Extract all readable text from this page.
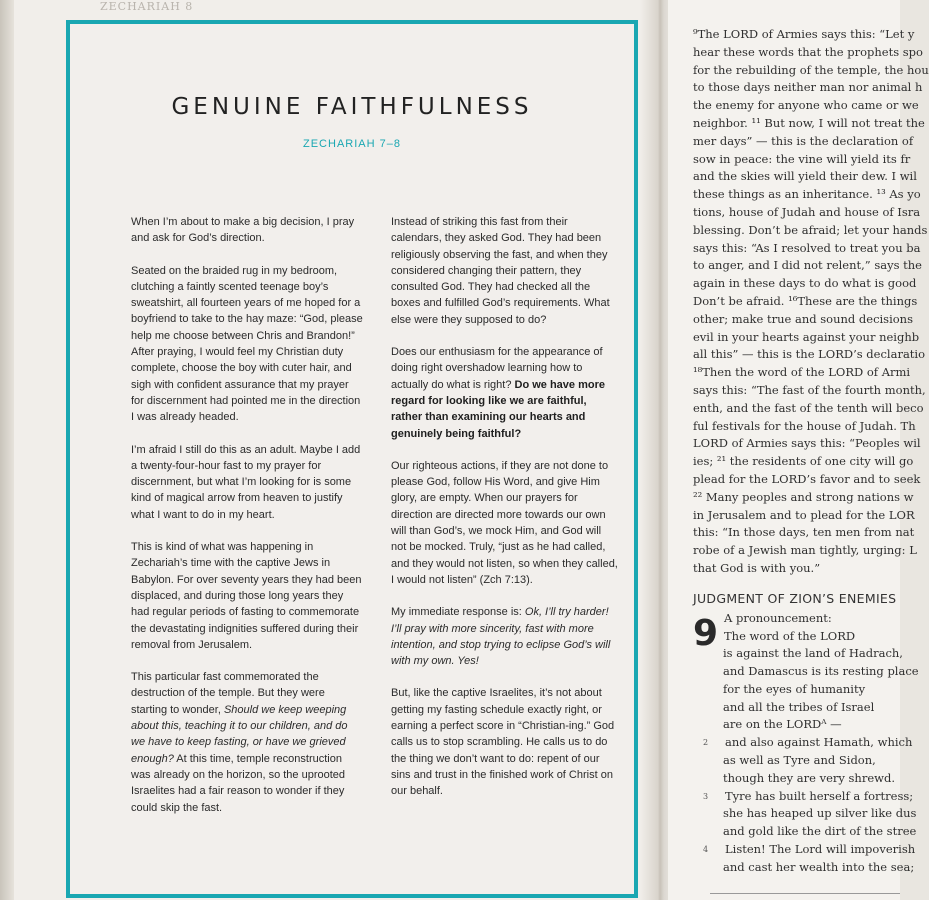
ZECHARIAH 8
GENUINE FAITHFULNESS
ZECHARIAH 7–8

When I’m about to make a big decision, I pray and ask for God’s direction.

Seated on the braided rug in my bedroom, clutching a faintly scented teenage boy’s sweatshirt, all fourteen years of me hoped for a boyfriend to take to the hay maze: “God, please help me choose between Chris and Brandon!” After praying, I would feel my Christian duty complete, choose the boy with cuter hair, and sigh with confident assurance that my prayer for discernment had pointed me in the direction I was already headed.

I’m afraid I still do this as an adult. Maybe I add a twenty-four-hour fast to my prayer for discernment, but what I’m looking for is some kind of magical arrow from heaven to justify what I want to do in my heart.

This is kind of what was happening in Zechariah’s time with the captive Jews in Babylon. For over seventy years they had been displaced, and during those long years they had regular periods of fasting to commemorate the devastating indignities suffered during their removal from Jerusalem.

This particular fast commemorated the destruction of the temple. But they were starting to wonder, Should we keep weeping about this, teaching it to our children, and do we have to keep fasting, or have we grieved enough? At this time, temple reconstruction was already on the horizon, so the uprooted Israelites had a fair reason to wonder if they could skip the fast.

Instead of striking this fast from their calendars, they asked God. They had been religiously observing the fast, and when they considered changing their pattern, they consulted God. They had checked all the boxes and fulfilled God’s requirements. What else were they supposed to do?

Does our enthusiasm for the appearance of doing right overshadow learning how to actually do what is right? Do we have more regard for looking like we are faithful, rather than examining our hearts and genuinely being faithful?

Our righteous actions, if they are not done to please God, follow His Word, and give Him glory, are empty. When our prayers for direction are directed more towards our own will than God’s, we mock Him, and God will not be mocked. Truly, “just as he had called, and they would not listen, so when they called, I would not listen” (Zch 7:13).

My immediate response is: Ok, I’ll try harder! I’ll pray with more sincerity, fast with more intention, and stop trying to eclipse God’s will with my own. Yes!

But, like the captive Israelites, it’s not about getting my fasting schedule exactly right, or earning a perfect score in “Christian-ing.” God calls us to stop scrambling. He calls us to do the thing we don’t want to do: repent of our sins and trust in the finished work of Christ on our behalf.

⁹The LORD of Armies says this: “Let y
hear these words that the prophets spo
for the rebuilding of the temple, the hou
to those days neither man nor animal h
the enemy for anyone who came or we
neighbor. ¹¹ But now, I will not treat the
mer days” — this is the declaration of
sow in peace: the vine will yield its fr
and the skies will yield their dew. I wil
these things as an inheritance. ¹³ As yo
tions, house of Judah and house of Isra
blessing. Don’t be afraid; let your hands
says this: “As I resolved to treat you ba
to anger, and I did not relent,” says the
again in these days to do what is good
Don’t be afraid. ¹⁶These are the things
other; make true and sound decisions
evil in your hearts against your neighb
all this” — this is the LORD’s declaratio
¹⁸Then the word of the LORD of Armi
says this: “The fast of the fourth month,
enth, and the fast of the tenth will beco
ful festivals for the house of Judah. Th
LORD of Armies says this: “Peoples wil
ies; ²¹ the residents of one city will go
plead for the LORD’s favor and to seek
²² Many peoples and strong nations w
in Jerusalem and to plead for the LOR
this: “In those days, ten men from nat
robe of a Jewish man tightly, urging: L
that God is with you.”
JUDGMENT OF ZION’S ENEMIES
A pronouncement:
The word of the LORD
is against the land of Hadrach,
and Damascus is its resting place
for the eyes of humanity
and all the tribes of Israel
are on the LORDᴬ —
2 and also against Hamath, which
as well as Tyre and Sidon,
though they are very shrewd.
3 Tyre has built herself a fortress;
she has heaped up silver like dus
and gold like the dirt of the stree
4 Listen! The Lord will impoverish
and cast her wealth into the sea;
9
